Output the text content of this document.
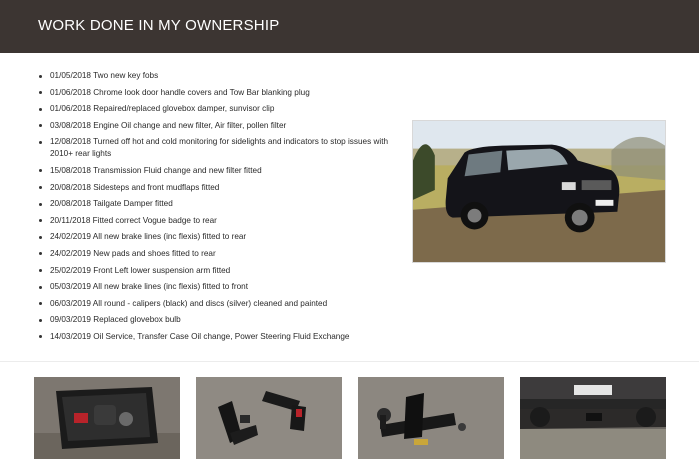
WORK DONE IN MY OWNERSHIP
01/05/2018 Two new key fobs
01/06/2018 Chrome look door handle covers and Tow Bar blanking plug
01/06/2018 Repaired/replaced glovebox damper, sunvisor clip
03/08/2018 Engine Oil change and new filter, Air filter, pollen filter
12/08/2018 Turned off hot and cold monitoring for sidelights and indicators to stop issues with 2010+ rear lights
15/08/2018 Transmission Fluid change and new filter fitted
20/08/2018 Sidesteps and front mudflaps fitted
20/08/2018 Tailgate Damper fitted
20/11/2018 Fitted correct Vogue badge to rear
24/02/2019 All new brake lines (inc flexis) fitted to rear
24/02/2019 New pads and shoes fitted to rear
25/02/2019 Front Left lower suspension arm fitted
05/03/2019 All new brake lines (inc flexis) fitted to front
06/03/2019 All round - calipers (black) and discs (silver) cleaned and painted
09/03/2019 Replaced glovebox bulb
14/03/2019 Oil Service, Transfer Case Oil change, Power Steering Fluid Exchange
